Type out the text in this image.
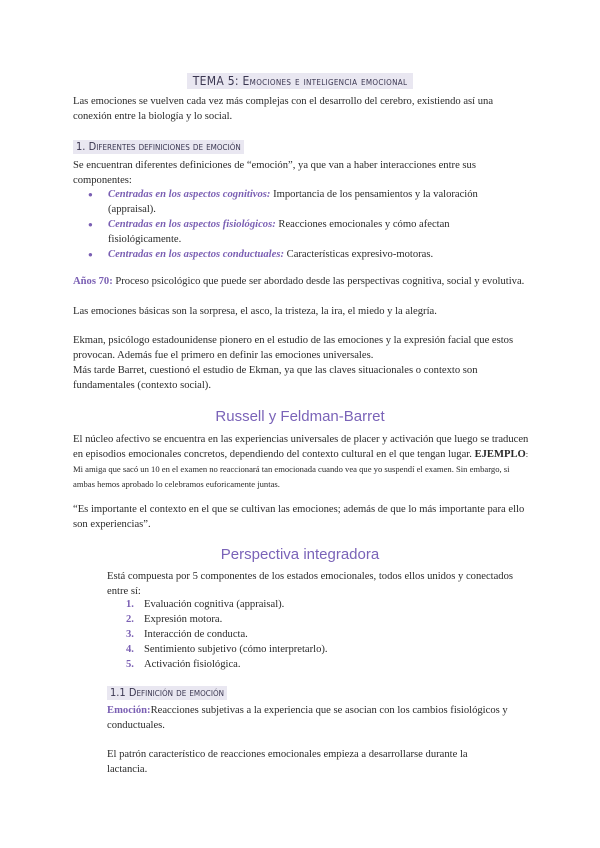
TEMA 5: Emociones e inteligencia emocional

Las emociones se vuelven cada vez más complejas con el desarrollo del cerebro, existiendo así una conexión entre la biología y lo social.

1. Diferentes definiciones de emoción

Se encuentran diferentes definiciones de “emoción”, ya que van a haber interacciones entre sus componentes:

● Centradas en los aspectos cognitivos: Importancia de los pensamientos y la valoración (appraisal).
● Centradas en los aspectos fisiológicos: Reacciones emocionales y cómo afectan fisiológicamente.
● Centradas en los aspectos conductuales: Características expresivo-motoras.

Años 70: Proceso psicológico que puede ser abordado desde las perspectivas cognitiva, social y evolutiva.

Las emociones básicas son la sorpresa, el asco, la tristeza, la ira, el miedo y la alegría.

Ekman, psicólogo estadounidense pionero en el estudio de las emociones y la expresión facial que estos provocan. Además fue el primero en definir las emociones universales.

Más tarde Barret, cuestionó el estudio de Ekman, ya que las claves situacionales o contexto son fundamentales (contexto social).

Russell y Feldman-Barret

El núcleo afectivo se encuentra en las experiencias universales de placer y activación que luego se traducen en episodios emocionales concretos, dependiendo del contexto cultural en el que tengan lugar. EJEMPLO: Mi amiga que sacó un 10 en el examen no reaccionará tan emocionada cuando vea que yo suspendí el examen. Sin embargo, si ambas hemos aprobado lo celebramos euforicamente juntas.

“Es importante el contexto en el que se cultivan las emociones; además de que lo más importante para ello son experiencias”.

Perspectiva integradora

Está compuesta por 5 componentes de los estados emocionales, todos ellos unidos y conectados entre sí:

1. Evaluación cognitiva (appraisal).
2. Expresión motora.
3. Interacción de conducta.
4. Sentimiento subjetivo (cómo interpretarlo).
5. Activación fisiológica.
1.1 Definición de emoción

Emoción:Reacciones subjetivas a la experiencia que se asocian con los cambios fisiológicos y conductuales.

El patrón característico de reacciones emocionales empieza a desarrollarse durante la lactancia.
